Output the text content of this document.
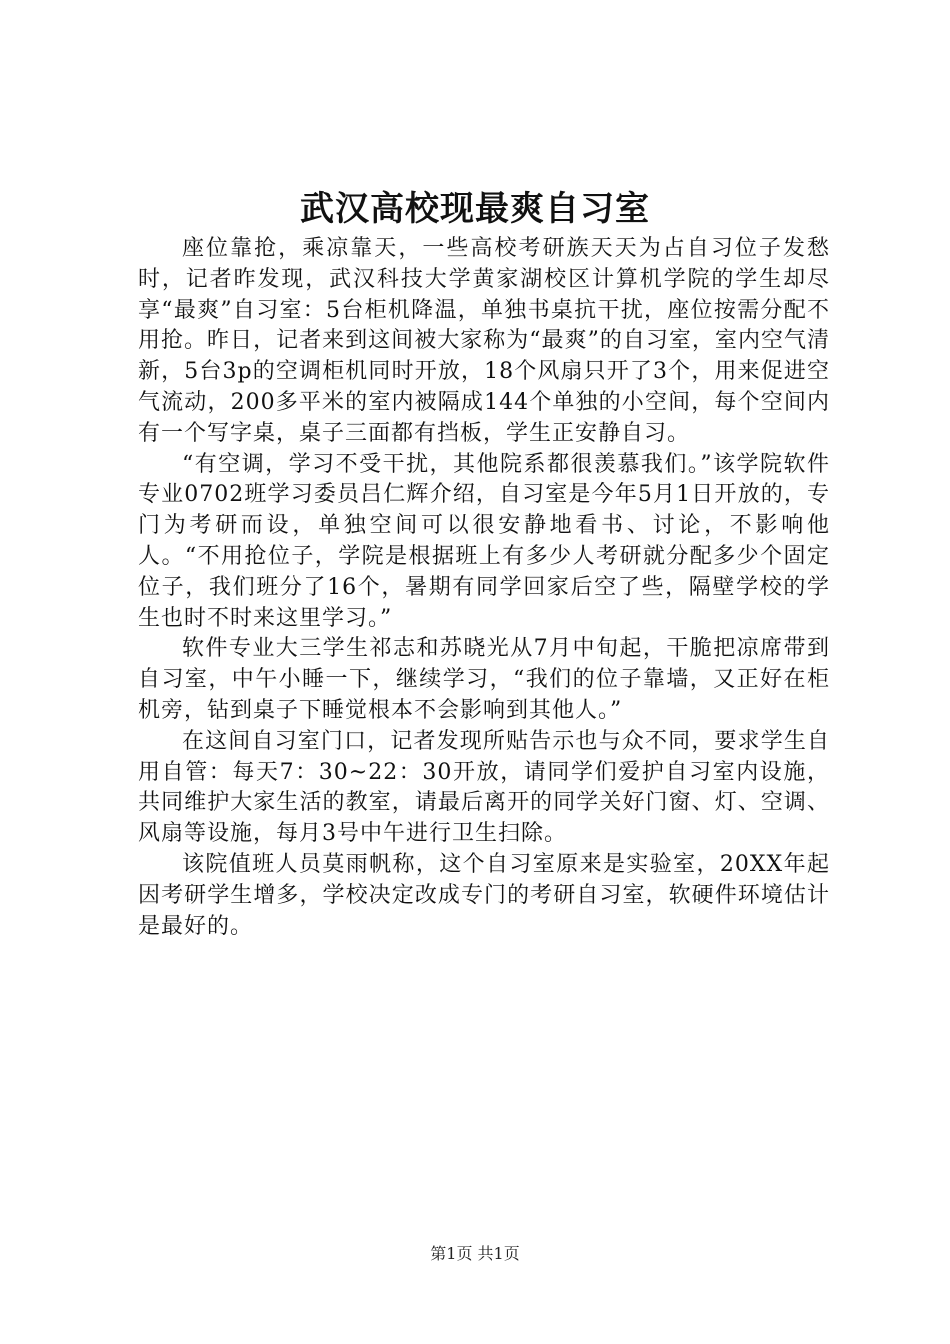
武汉高校现最爽自习室

座位靠抢，乘凉靠天，一些高校考研族天天为占自习位子发愁时，记者昨发现，武汉科技大学黄家湖校区计算机学院的学生却尽享“最爽”自习室：5台柜机降温，单独书桌抗干扰，座位按需分配不用抢。昨日，记者来到这间被大家称为“最爽”的自习室，室内空气清新，5台3p的空调柜机同时开放，18个风扇只开了3个，用来促进空气流动，200多平米的室内被隔成144个单独的小空间，每个空间内有一个写字桌，桌子三面都有挡板，学生正安静自习。

“有空调，学习不受干扰，其他院系都很羡慕我们。”该学院软件专业0702班学习委员吕仁辉介绍，自习室是今年5月1日开放的，专门为考研而设，单独空间可以很安静地看书、讨论，不影响他人。“不用抢位子，学院是根据班上有多少人考研就分配多少个固定位子，我们班分了16个，暑期有同学回家后空了些，隔壁学校的学生也时不时来这里学习。”

软件专业大三学生祁志和苏晓光从7月中旬起，干脆把凉席带到自习室，中午小睡一下，继续学习，“我们的位子靠墙，又正好在柜机旁，钻到桌子下睡觉根本不会影响到其他人。”

在这间自习室门口，记者发现所贴告示也与众不同，要求学生自用自管：每天7：30~22：30开放，请同学们爱护自习室内设施，共同维护大家生活的教室，请最后离开的同学关好门窗、灯、空调、风扇等设施，每月3号中午进行卫生扫除。

该院值班人员莫雨帆称，这个自习室原来是实验室，20XX年起因考研学生增多，学校决定改成专门的考研自习室，软硬件环境估计是最好的。

第1页 共1页
